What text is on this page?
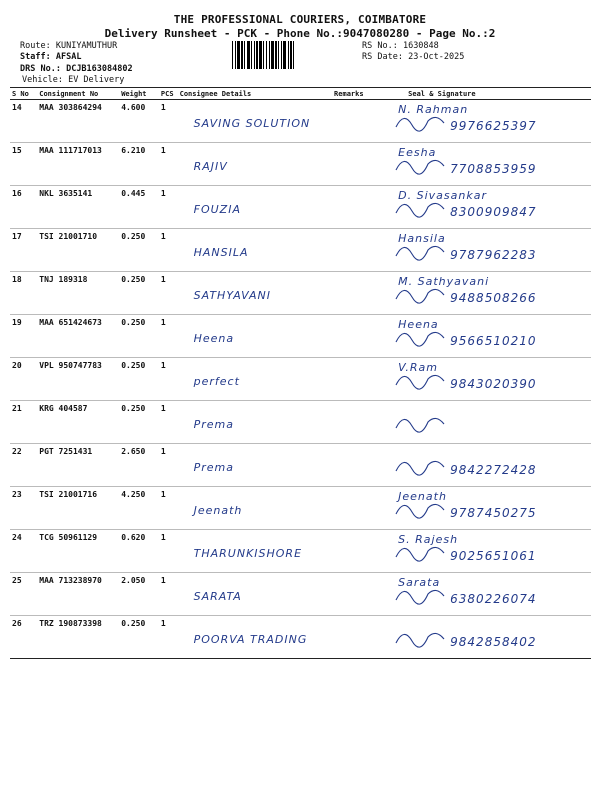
THE PROFESSIONAL COURIERS, COIMBATORE
Delivery Runsheet - PCK - Phone No.:9047080280 - Page No.:2
Route: KUNIYAMUTHUR
Staff: AFSAL
DRS No.: DCJB163084802
Vehicle: EV Delivery
RS No.: 1630848
RS Date: 23-Oct-2025
S No	Consignment No	Weight	PCS	Consignee Details	Remarks	Seal & Signature
14	MAA 303864294	4.600	1	SAVING SOLUTION		N. Rahman
9976625397

15	MAA 111717013	6.210	1	RAJIV		Eesha
7708853959

16	NKL 3635141	0.445	1	FOUZIA		D. Sivasankar
8300909847

17	TSI 21001710	0.250	1	HANSILA		Hansila
9787962283

18	TNJ 189318	0.250	1	SATHYAVANI		M. Sathyavani
9488508266

19	MAA 651424673	0.250	1	Heena		Heena
9566510210

20	VPL 950747783	0.250	1	perfect		V.Ram
9843020390

21	KRG 404587	0.250	1	Prema		

22	PGT 7251431	2.650	1	Prema		9842272428

23	TSI 21001716	4.250	1	Jeenath		Jeenath
9787450275

24	TCG 50961129	0.620	1	THARUNKISHORE		S. Rajesh
9025651061

25	MAA 713238970	2.050	1	SARATA		Sarata
6380226074

26	TRZ 190873398	0.250	1	POORVA TRADING		9842858402
